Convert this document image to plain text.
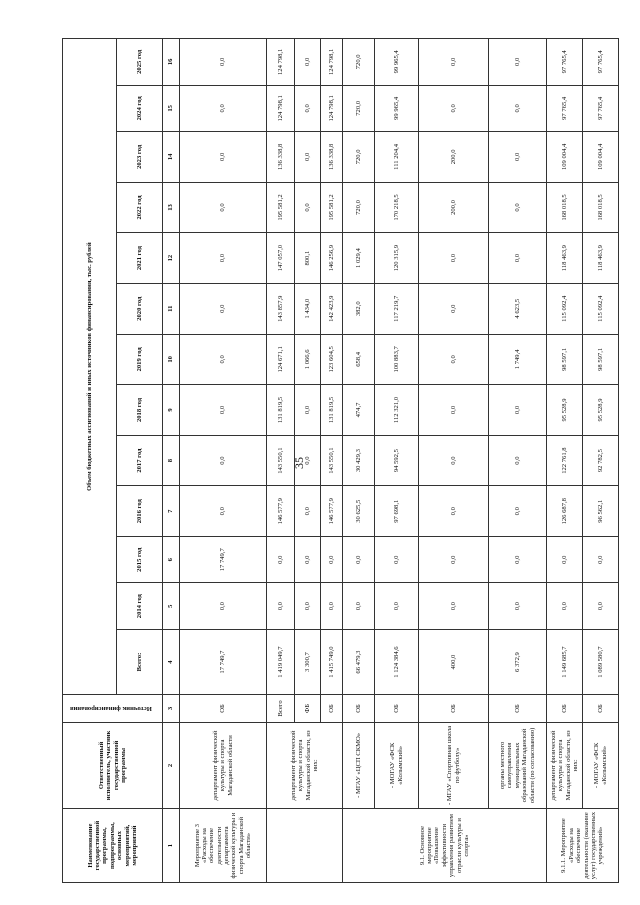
35
Наименование государственной программы, подпрограммы, основных мероприятий, мероприятий	Ответственный исполнитель, участник государственной программы	Источник финансирования	Объем бюджетных ассигнований и иных источников финансирования, тыс. рублей												
			Всего:	2014 год	2015 год	2016 год	2017 год	2018 год	2019 год	2020 год	2021 год	2022 год	2023 год	2024 год	2025 год
1	2	3	4	5	6	7	8	9	10	11	12	13	14	15	16
Мероприятие 3 «Расходы на обеспечение деятельности департамента физической культуры и спорта Магаданской области»	департамент физической культуры и спорта Магаданской области	ОБ	17 749,7	0,0	17 749,7	0,0	0,0	0,0	0,0	0,0	0,0	0,0	0,0	0,0	0,0
	департамент физической культуры и спорта Магаданской области, из них:	Всего	1 419 049,7	0,0	0,0	146 577,9	143 550,1	131 819,5	124 671,1	143 857,9	147 057,0	195 581,2	136 338,8	124 798,1	124 798,1
		ФБ	3 300,7	0,0	0,0	0,0	0,0	0,0	1 066,6	1 434,0	800,1	0,0	0,0	0,0	0,0
		ОБ	1 415 749,0	0,0	0,0	146 577,9	143 550,1	131 819,5	123 604,5	142 423,9	146 256,9	195 581,2	136 338,8	124 798,1	124 798,1
9.1. Основное мероприятие «Повышение эффективности управления развитием отрасли культуры и спорта»	- МГАУ «ЦСП СКМО»	ОБ	66 479,3	0,0	0,0	30 625,5	30 429,3	474,7	658,4	382,0	1 029,4	720,0	720,0	720,0	720,0
	- МОГАУ «ФСК «Колымский»	ОБ	1 124 384,6	0,0	0,0	97 698,1	94 592,5	112 321,0	100 883,7	117 219,7	120 315,9	170 218,5	111 204,4	99 965,4	99 965,4
	- МГАУ «Спортивная школа по футболу»	ОБ	400,0	0,0	0,0	0,0	0,0	0,0	0,0	0,0	0,0	200,0	200,0	0,0	0,0
	органы местного самоуправления муниципальных образований Магаданской области (по согласованию)	ОБ	6 372,9	0,0	0,0	0,0	0,0	0,0	1 749,4	4 623,5	0,0	0,0	0,0	0,0	0,0
9.1.1. Мероприятие «Расходы на обеспечение деятельности (оказание услуг) государственных учреждений»	департамент физической культуры и спорта Магаданской области, из них:	ОБ	1 149 685,7	0,0	0,0	126 687,8	122 761,8	95 528,9	98 597,1	115 092,4	118 463,9	168 018,5	109 004,4	97 765,4	97 765,4
	- МОГАУ «ФСК «Колымский»	ОБ	1 089 580,7	0,0	0,0	96 562,1	92 782,5	95 528,9	98 597,1	115 092,4	118 463,9	168 018,5	109 004,4	97 765,4	97 765,4
